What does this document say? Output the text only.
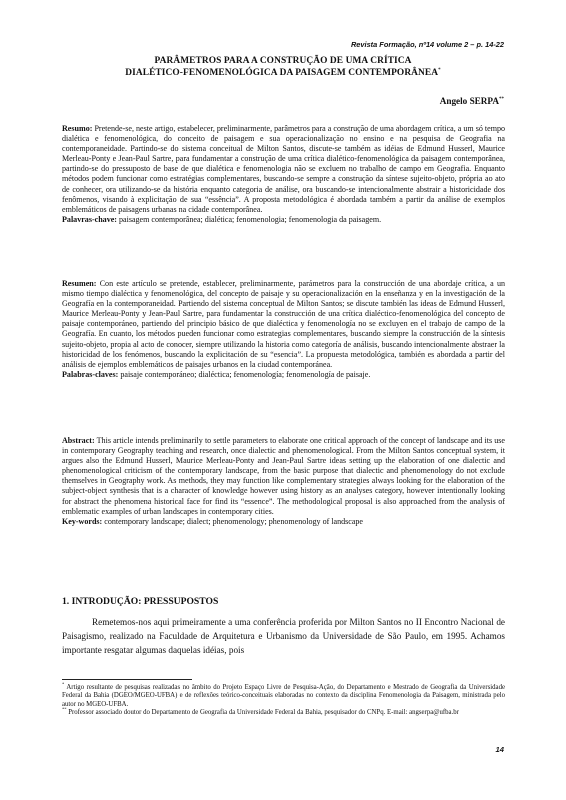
Revista Formação, nº14 volume 2 – p. 14-22
PARÂMETROS PARA A CONSTRUÇÃO DE UMA CRÍTICA
DIALÉTICO-FENOMENOLÓGICA DA PAISAGEM CONTEMPORÂNEA*
Angelo SERPA**

Resumo: Pretende-se, neste artigo, estabelecer, preliminarmente, parâmetros para a construção de uma abordagem crítica, a um só tempo dialética e fenomenológica, do conceito de paisagem e sua operacionalização no ensino e na pesquisa de Geografia na contemporaneidade. Partindo-se do sistema conceitual de Milton Santos, discute-se também as idéias de Edmund Husserl, Maurice Merleau-Ponty e Jean-Paul Sartre, para fundamentar a construção de uma crítica dialético-fenomenológica da paisagem contemporânea, partindo-se do pressuposto de base de que dialética e fenomenologia não se excluem no trabalho de campo em Geografia. Enquanto métodos podem funcionar como estratégias complementares, buscando-se sempre a construção da síntese sujeito-objeto, própria ao ato de conhecer, ora utilizando-se da história enquanto categoria de análise, ora buscando-se intencionalmente abstrair a historicidade dos fenômenos, visando à explicitação de sua “essência”. A proposta metodológica é abordada também a partir da análise de exemplos emblemáticos de paisagens urbanas na cidade contemporânea.

Palavras-chave: paisagem contemporânea; dialética; fenomenologia; fenomenologia da paisagem.

Resumen: Con este artículo se pretende, establecer, preliminarmente, parámetros para la construcción de una abordaje crítica, a un mismo tiempo dialéctica y fenomenológica, del concepto de paisaje y su operacionalización en la enseñanza y en la investigación de la Geografía en la contemporaneidad. Partiendo del sistema conceptual de Milton Santos; se discute también las ideas de Edmund Husserl, Maurice Merleau-Ponty y Jean-Paul Sartre, para fundamentar la construcción de una crítica dialéctico-fenomenológica del concepto de paisaje contemporáneo, partiendo del principio básico de que dialéctica y fenomenología no se excluyen en el trabajo de campo de la Geografía. En cuanto, los métodos pueden funcionar como estrategias complementares, buscando siempre la construcción de la síntesis sujeito-objeto, propia al acto de conocer, siempre utilizando la historia como categoría de análisis, buscando intencionalmente abstraer la historicidad de los fenómenos, buscando la explicitación de su “esencia”. La propuesta metodológica, también es abordada a partir del análisis de ejemplos emblemáticos de paisajes urbanos en la ciudad contemporánea.

Palabras-claves: paisaje contemporáneo; dialéctica; fenomenología; fenomenología de paisaje.

Abstract: This article intends preliminarily to settle parameters to elaborate one critical approach of the concept of landscape and its use in contemporary Geography teaching and research, once dialectic and phenomenological. From the Milton Santos conceptual system, it argues also the Edmund Husserl, Maurice Merleau-Ponty and Jean-Paul Sartre ideas setting up the elaboration of one dialectic and phenomenological criticism of the contemporary landscape, from the basic purpose that dialectic and phenomenology do not exclude themselves in Geography work. As methods, they may function like complementary strategies always looking for the elaboration of the subject-object synthesis that is a character of knowledge however using history as an analyses category, however intentionally looking for abstract the phenomena historical face for find its “essence”. The methodological proposal is also approached from the analysis of emblematic examples of urban landscapes in contemporary cities.

Key-words: contemporary landscape; dialect; phenomenology; phenomenology of landscape

1. INTRODUÇÃO: PRESSUPOSTOS
Remetemos-nos aqui primeiramente a uma conferência proferida por Milton Santos no II Encontro Nacional de Paisagismo, realizado na Faculdade de Arquitetura e Urbanismo da Universidade de São Paulo, em 1995. Achamos importante resgatar algumas daquelas idéias, pois

* Artigo resultante de pesquisas realizadas no âmbito do Projeto Espaço Livre de Pesquisa-Ação, do Departamento e Mestrado de Geografia da Universidade Federal da Bahia (DGEO/MGEO-UFBA) e de reflexões teórico-conceituais elaboradas no contexto da disciplina Fenomenologia da Paisagem, ministrada pelo autor no MGEO-UFBA.

** Professor associado doutor do Departamento de Geografia da Universidade Federal da Bahia, pesquisador do CNPq. E-mail: angserpa@ufba.br

14
